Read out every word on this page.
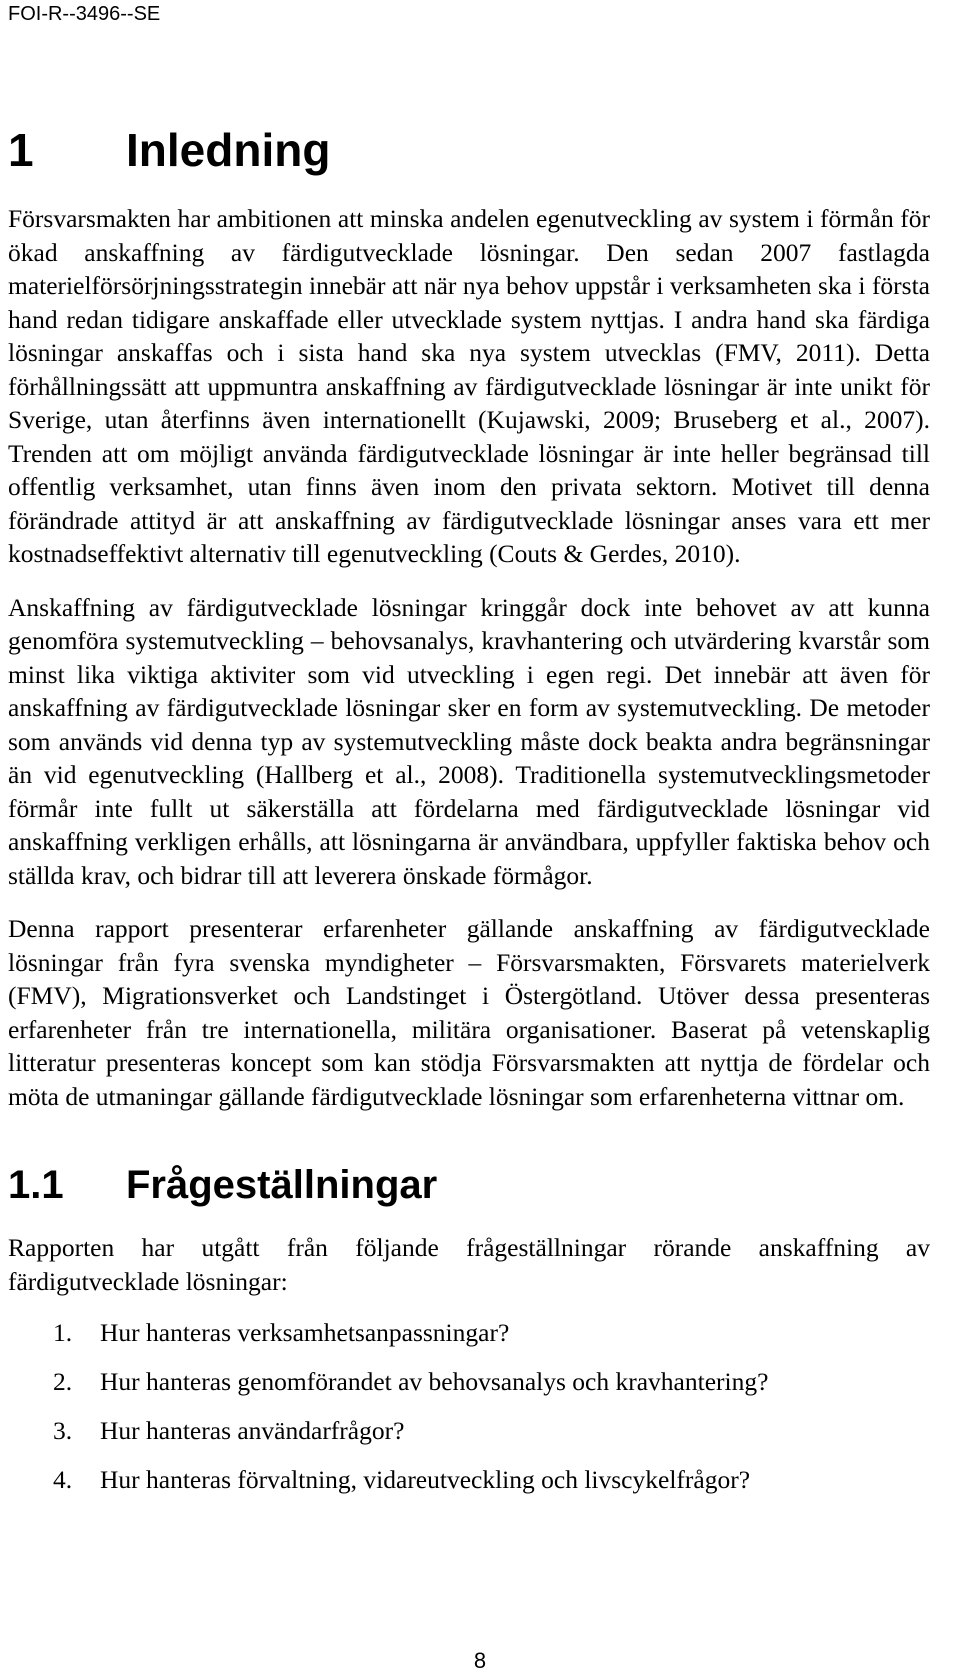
FOI-R--3496--SE
1	Inledning

Försvarsmakten har ambitionen att minska andelen egenutveckling av system i förmån för ökad anskaffning av färdigutvecklade lösningar. Den sedan 2007 fastlagda materielförsörjningsstrategin innebär att när nya behov uppstår i verksamheten ska i första hand redan tidigare anskaffade eller utvecklade system nyttjas. I andra hand ska färdiga lösningar anskaffas och i sista hand ska nya system utvecklas (FMV, 2011). Detta förhållningssätt att uppmuntra anskaffning av färdigutvecklade lösningar är inte unikt för Sverige, utan återfinns även internationellt (Kujawski, 2009; Bruseberg et al., 2007). Trenden att om möjligt använda färdigutvecklade lösningar är inte heller begränsad till offentlig verksamhet, utan finns även inom den privata sektorn. Motivet till denna förändrade attityd är att anskaffning av färdigutvecklade lösningar anses vara ett mer kostnadseffektivt alternativ till egenutveckling (Couts & Gerdes, 2010).

Anskaffning av färdigutvecklade lösningar kringgår dock inte behovet av att kunna genomföra systemutveckling – behovsanalys, kravhantering och utvärdering kvarstår som minst lika viktiga aktiviter som vid utveckling i egen regi. Det innebär att även för anskaffning av färdigutvecklade lösningar sker en form av systemutveckling. De metoder som används vid denna typ av systemutveckling måste dock beakta andra begränsningar än vid egenutveckling (Hallberg et al., 2008). Traditionella systemutvecklingsmetoder förmår inte fullt ut säkerställa att fördelarna med färdigutvecklade lösningar vid anskaffning verkligen erhålls, att lösningarna är användbara, uppfyller faktiska behov och ställda krav, och bidrar till att leverera önskade förmågor.

Denna rapport presenterar erfarenheter gällande anskaffning av färdigutvecklade lösningar från fyra svenska myndigheter – Försvarsmakten, Försvarets materielverk (FMV), Migrationsverket och Landstinget i Östergötland. Utöver dessa presenteras erfarenheter från tre internationella, militära organisationer. Baserat på vetenskaplig litteratur presenteras koncept som kan stödja Försvarsmakten att nyttja de fördelar och möta de utmaningar gällande färdigutvecklade lösningar som erfarenheterna vittnar om.

1.1	Frågeställningar

Rapporten har utgått från följande frågeställningar rörande anskaffning av färdigutvecklade lösningar:

1.	Hur hanteras verksamhetsanpassningar?
2.	Hur hanteras genomförandet av behovsanalys och kravhantering?
3.	Hur hanteras användarfrågor?
4.	Hur hanteras förvaltning, vidareutveckling och livscykelfrågor?
8
